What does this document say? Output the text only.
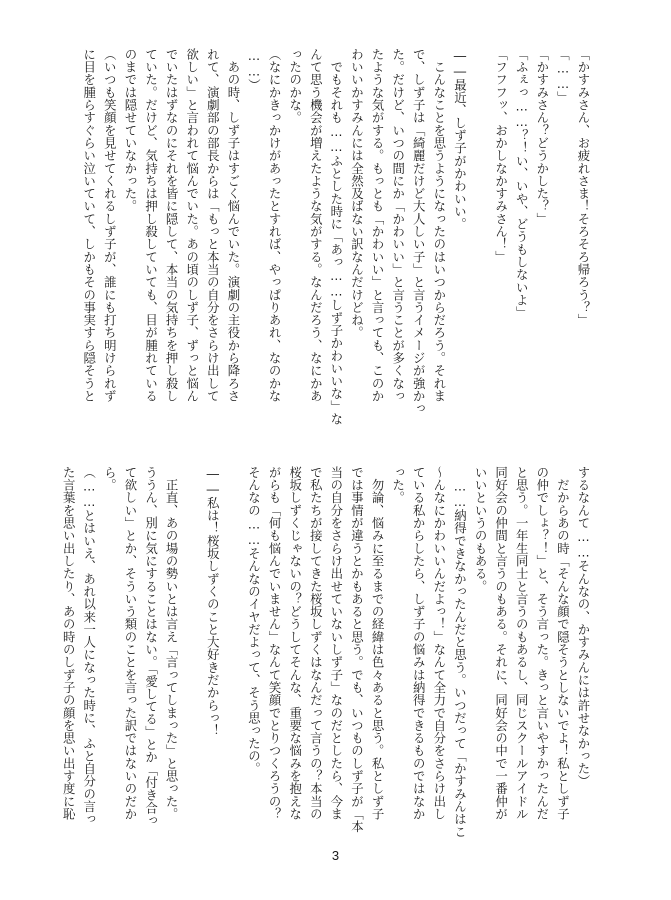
「かすみさん、お疲れさま！そろそろ帰ろう？」
「……」
「かすみさん？どうかした？」
「ふぇっ……？！い、いや、どうもしないよ」
「フフフッ、おかしなかすみさん！」

――最近、しず子がかわいい。
　こんなことを思うようになったのはいつからだろう。それま
で、しず子は「綺麗だけど大人しい子」と言うイメージが強かっ
た。だけど、いつの間にか「かわいい」と言うことが多くなっ
たような気がする。もっとも「かわいい」と言っても、このか
わいいかすみんには全然及ばない訳なんだけどね。
　でもそれも……ふとした時に「あっ……しず子かわいいな」な
んて思う機会が増えたような気がする。なんだろう、なにかあ
ったのかな。
（なにかきっかけがあったとすれば、やっぱりあれ、なのかな
……）
　あの時、しず子はすごく悩んでいた。演劇の主役から降ろさ
れて、演劇部の部長からは「もっと本当の自分をさらけ出して
欲しい」と言われて悩んでいた。あの頃のしず子、ずっと悩ん
でいたはずなのにそれを皆に隠して、本当の気持ちを押し殺し
ていた。だけど、気持ちは押し殺していても、目が腫れている
のまでは隠せていなかった。
（いつも笑顔を見せてくれるしず子が、誰にも打ち明けられず
に目を腫らすぐらい泣いていて、しかもその事実すら隠そうと
するなんて……そんなの、かすみんには許せなかった）
　だからあの時「そんな顔で隠そうとしないでよ！私としず子
の仲でしょ？！」と、そう言った。きっと言いやすかったんだ
と思う。一年生同士と言うのもあるし、同じスクールアイドル
同好会の仲間と言うのもある。それに、同好会の中で一番仲が
いいというのもある。
　……納得できなかったんだと思う。いつだって「かすみんはこ
～んなにかわいいんだよっ！」なんて全力で自分をさらけ出し
ている私からしたら、しず子の悩みは納得できるものではなか
った。
　勿論、悩みに至るまでの経緯は色々あると思う。私としず子
では事情が違うとかもあると思う。でも、いつものしず子が「本
当の自分をさらけ出せていないしず子」なのだとしたら、今ま
で私たちが接してきた桜坂しずくはなんだって言うの？本当の
桜坂しずくじゃないの？どうしてそんな、重要な悩みを抱えな
がらも「何も悩んでいません」なんて笑顔でとりつくろうの？
そんなの……そんなのイヤだよって、そう思ったの。

――私は！桜坂しずくのこと大好きだからっ！

　正直、あの場の勢いとは言え「言ってしまった」と思った。
ううん、別に気にすることはない。「愛してる」とか「付き合っ
て欲しい」とか、そういう類のことを言った訳ではないのだか
ら。
（……とはいえ、あれ以来一人になった時に、ふと自分の言っ
た言葉を思い出したり、あの時のしず子の顔を思い出す度に恥
3
